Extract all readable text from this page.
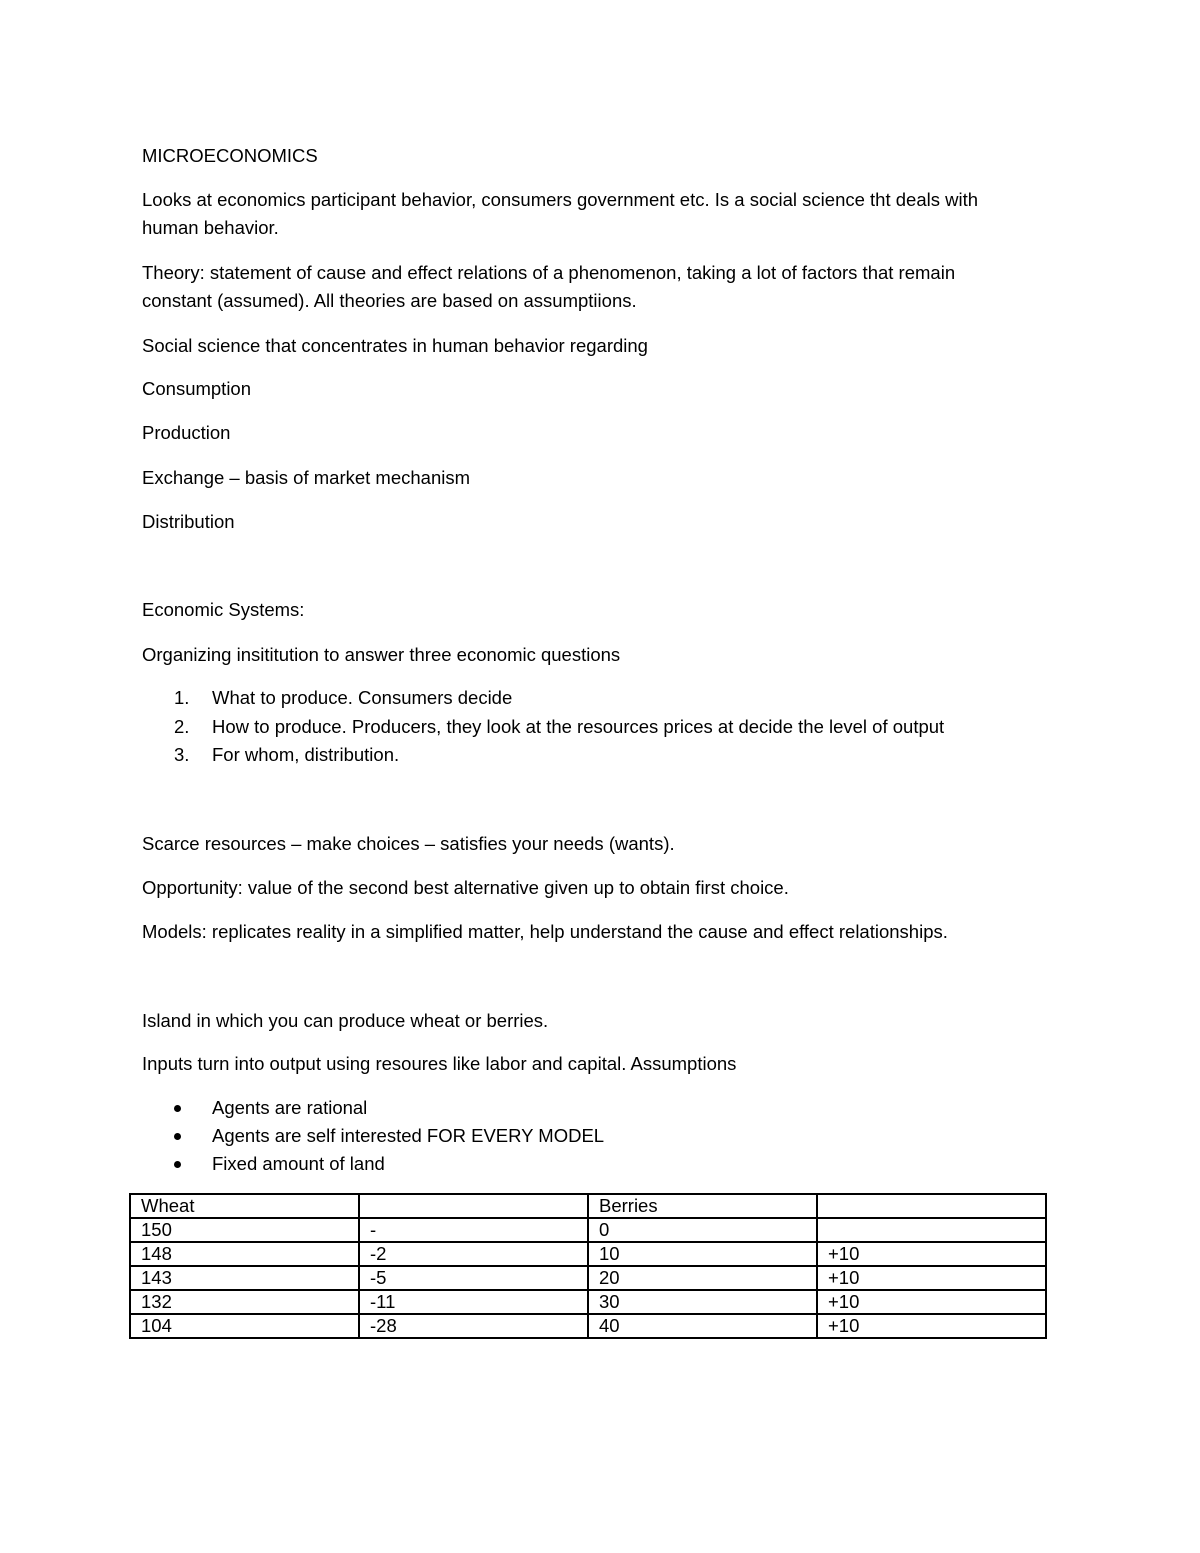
MICROECONOMICS
Looks at economics participant behavior, consumers government etc. Is a social science tht deals with
human behavior.
Theory: statement of cause and effect relations of a phenomenon, taking a lot of factors that remain
constant (assumed). All theories are based on assumptiions.
Social science that concentrates in human behavior regarding
Consumption
Production
Exchange – basis of market mechanism
Distribution
Economic Systems:
Organizing insititution to answer three economic questions
1.	What to produce. Consumers decide
2.	How to produce. Producers, they look at the resources prices at decide the level of output
3.	For whom, distribution.
Scarce resources – make choices – satisfies your needs (wants).
Opportunity: value of the second best alternative given up to obtain first choice.
Models: replicates reality in a simplified matter, help understand the cause and effect relationships.
Island in which you can produce wheat or berries.
Inputs turn into output using resoures like labor and capital. Assumptions
Agents are rational
Agents are self interested FOR EVERY MODEL
Fixed amount of land
Wheat		Berries	
150	-	0	
148	-2	10	+10
143	-5	20	+10
132	-11	30	+10
104	-28	40	+10
